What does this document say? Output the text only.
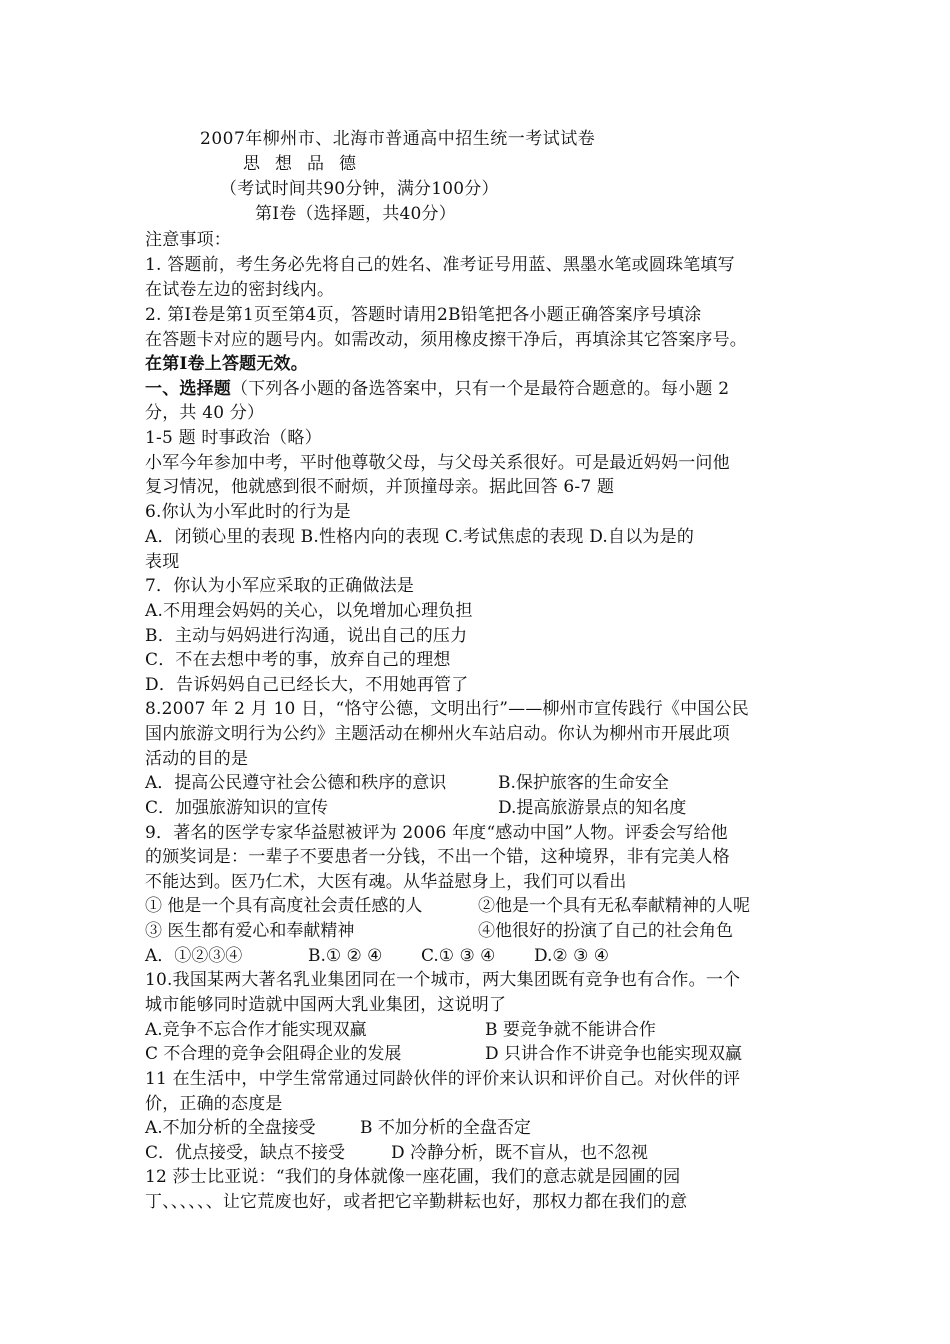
2007年柳州市、北海市普通高中招生统一考试试卷
思想品德
（考试时间共90分钟，满分100分）
第Ⅰ卷（选择题，共40分）
注意事项：
1. 答题前，考生务必先将自己的姓名、准考证号用蓝、黑墨水笔或圆珠笔填写
在试卷左边的密封线内。
2. 第Ⅰ卷是第1页至第4页，答题时请用2B铅笔把各小题正确答案序号填涂
在答题卡对应的题号内。如需改动，须用橡皮擦干净后，再填涂其它答案序号。
在第Ⅰ卷上答题无效。
一、选择题（下列各小题的备选答案中，只有一个是最符合题意的。每小题 2
分，共 40 分）
1-5 题 时事政治（略）
小军今年参加中考，平时他尊敬父母，与父母关系很好。可是最近妈妈一问他
复习情况，他就感到很不耐烦，并顶撞母亲。据此回答 6-7 题
6.你认为小军此时的行为是
A．闭锁心里的表现 B.性格内向的表现 C.考试焦虑的表现 D.自以为是的
表现
7．你认为小军应采取的正确做法是
A.不用理会妈妈的关心，以免增加心理负担
B．主动与妈妈进行沟通，说出自己的压力
C．不在去想中考的事，放弃自己的理想
D．告诉妈妈自己已经长大，不用她再管了
8.2007 年 2 月 10 日，“恪守公德，文明出行”——柳州市宣传践行《中国公民
国内旅游文明行为公约》主题活动在柳州火车站启动。你认为柳州市开展此项
活动的目的是
A．提高公民遵守社会公德和秩序的意识	B.保护旅客的生命安全
C．加强旅游知识的宣传	D.提高旅游景点的知名度
9．著名的医学专家华益慰被评为 2006 年度“感动中国”人物。评委会写给他
的颁奖词是：一辈子不要患者一分钱，不出一个错，这种境界，非有完美人格
不能达到。医乃仁术，大医有魂。从华益慰身上，我们可以看出
① 他是一个具有高度社会责任感的人	②他是一个具有无私奉献精神的人呢
③ 医生都有爱心和奉献精神	④他很好的扮演了自己的社会角色
A．①②③④	B.① ② ④ C.① ③ ④ D.② ③ ④
10.我国某两大著名乳业集团同在一个城市，两大集团既有竞争也有合作。一个
城市能够同时造就中国两大乳业集团，这说明了
A.竞争不忘合作才能实现双赢	B 要竞争就不能讲合作
C 不合理的竞争会阻碍企业的发展	D 只讲合作不讲竞争也能实现双赢
11 在生活中，中学生常常通过同龄伙伴的评价来认识和评价自己。对伙伴的评
价，正确的态度是
A.不加分析的全盘接受	B 不加分析的全盘否定
C．优点接受，缺点不接受	D 冷静分析，既不盲从，也不忽视
12 莎士比亚说：“我们的身体就像一座花圃，我们的意志就是园圃的园
丁、、、、、、让它荒废也好，或者把它辛勤耕耘也好，那权力都在我们的意
